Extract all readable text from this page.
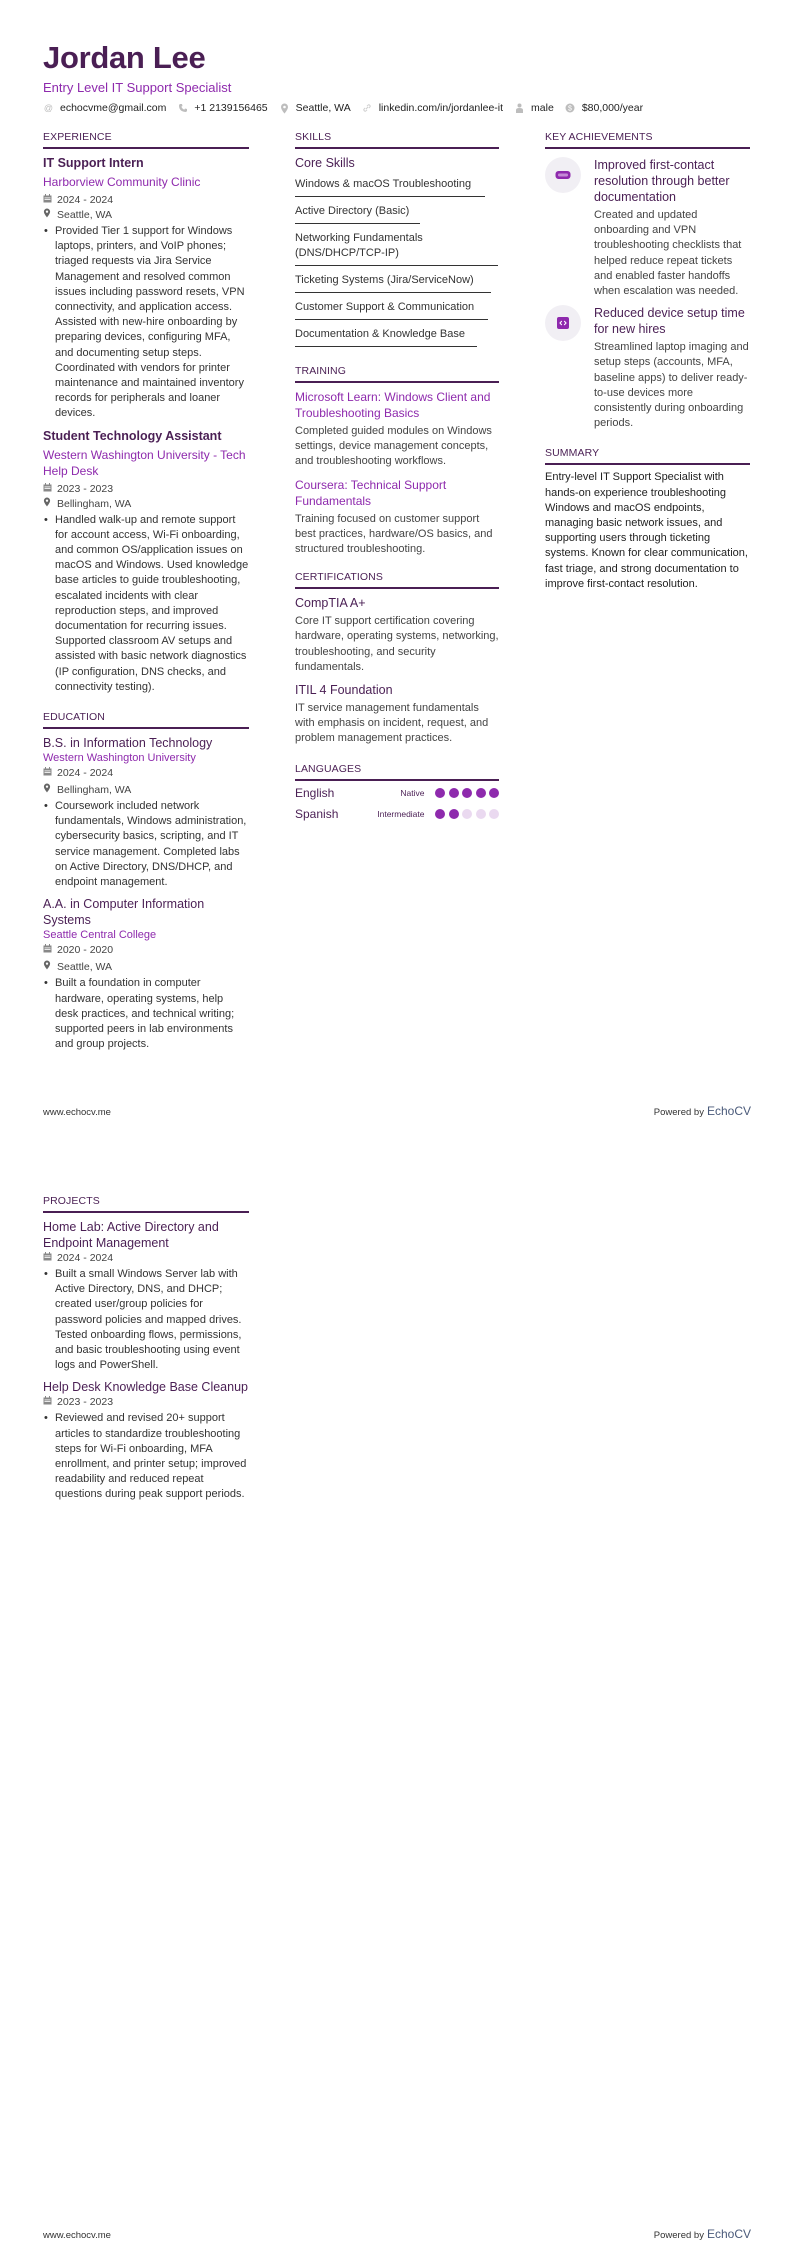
Jordan Lee
Entry Level IT Support Specialist
@ echocvme@gmail.com	+1 2139156465	Seattle, WA	linkedin.com/in/jordanlee-it	male $ $80,000/year
EXPERIENCE
IT Support Intern
Harborview Community Clinic
2024 - 2024
Seattle, WA
• Provided Tier 1 support for Windows laptops, printers, and VoIP phones; triaged requests via Jira Service Management and resolved common issues including password resets, VPN connectivity, and application access. Assisted with new-hire onboarding by preparing devices, configuring MFA, and documenting setup steps. Coordinated with vendors for printer maintenance and maintained inventory records for peripherals and loaner devices.
Student Technology Assistant
Western Washington University - Tech Help Desk
2023 - 2023
Bellingham, WA
• Handled walk-up and remote support for account access, Wi-Fi onboarding, and common OS/application issues on macOS and Windows. Used knowledge base articles to guide troubleshooting, escalated incidents with clear reproduction steps, and improved documentation for recurring issues. Supported classroom AV setups and assisted with basic network diagnostics (IP configuration, DNS checks, and connectivity testing).
EDUCATION
B.S. in Information Technology
Western Washington University
2024 - 2024
Bellingham, WA
• Coursework included network fundamentals, Windows administration, cybersecurity basics, scripting, and IT service management. Completed labs on Active Directory, DNS/DHCP, and endpoint management.
A.A. in Computer Information Systems
Seattle Central College
2020 - 2020
Seattle, WA
• Built a foundation in computer hardware, operating systems, help desk practices, and technical writing; supported peers in lab environments and group projects.
SKILLS
Core Skills
Windows & macOS Troubleshooting
Active Directory (Basic)
Networking Fundamentals (DNS/DHCP/TCP-IP)
Ticketing Systems (Jira/ServiceNow)
Customer Support & Communication
Documentation & Knowledge Base
TRAINING
Microsoft Learn: Windows Client and Troubleshooting Basics
Completed guided modules on Windows settings, device management concepts, and troubleshooting workflows.
Coursera: Technical Support Fundamentals
Training focused on customer support best practices, hardware/OS basics, and structured troubleshooting.
CERTIFICATIONS
CompTIA A+
Core IT support certification covering hardware, operating systems, networking, troubleshooting, and security fundamentals.
ITIL 4 Foundation
IT service management fundamentals with emphasis on incident, request, and problem management practices.
LANGUAGES
English	Native
Spanish	Intermediate
KEY ACHIEVEMENTS
Improved first-contact resolution through better documentation
Created and updated onboarding and VPN troubleshooting checklists that helped reduce repeat tickets and enabled faster handoffs when escalation was needed.
Reduced device setup time for new hires
Streamlined laptop imaging and setup steps (accounts, MFA, baseline apps) to deliver ready-to-use devices more consistently during onboarding periods.
SUMMARY
Entry-level IT Support Specialist with hands-on experience troubleshooting Windows and macOS endpoints, managing basic network issues, and supporting users through ticketing systems. Known for clear communication, fast triage, and strong documentation to improve first-contact resolution.
www.echocv.me	Powered by EchoCV
PROJECTS
Home Lab: Active Directory and Endpoint Management
2024 - 2024
• Built a small Windows Server lab with Active Directory, DNS, and DHCP; created user/group policies for password policies and mapped drives. Tested onboarding flows, permissions, and basic troubleshooting using event logs and PowerShell.
Help Desk Knowledge Base Cleanup
2023 - 2023
• Reviewed and revised 20+ support articles to standardize troubleshooting steps for Wi-Fi onboarding, MFA enrollment, and printer setup; improved readability and reduced repeat questions during peak support periods.
www.echocv.me	Powered by EchoCV
